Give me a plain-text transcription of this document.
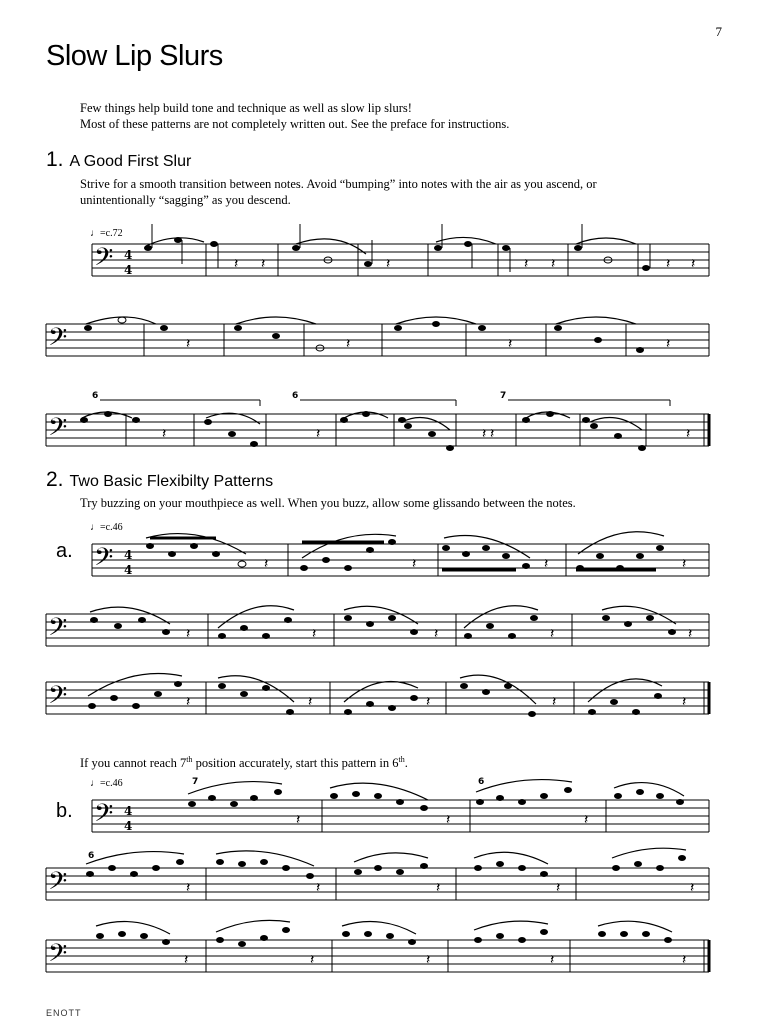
7
Slow Lip Slurs
Few things help build tone and technique as well as slow lip slurs!
Most of these patterns are not completely written out. See the preface for instructions.
1. A Good First Slur
Strive for a smooth transition between notes. Avoid “bumping” into notes with the air as you ascend, or
unintentionally “sagging” as you descend.
♩=c.72
𝄢 4
4	𝄽 𝄽	𝄽	𝄽 𝄽	𝄽 𝄽
𝄢	𝄽	𝄽	𝄽	𝄽
𝄢
6	6	7
𝄽	𝄽	𝄽 𝄽	𝄽
2. Two Basic Flexibilty Patterns
Try buzzing on your mouthpiece as well. When you buzz, allow some glissando between the notes.
♩=c.46
a. 𝄢 4
4	𝄽	𝄽	𝄽	𝄽
𝄢	𝄽	𝄽	𝄽	𝄽	𝄽
𝄢	𝄽	𝄽	𝄽	𝄽	𝄽
If you cannot reach 7th position accurately, start this pattern in 6th.
♩=c.46
b. 𝄢 4
4
7	6
𝄽	𝄽	𝄽
𝄢
6
𝄽	𝄽	𝄽	𝄽	𝄽
𝄢	𝄽	𝄽	𝄽	𝄽	𝄽
ENOTT
